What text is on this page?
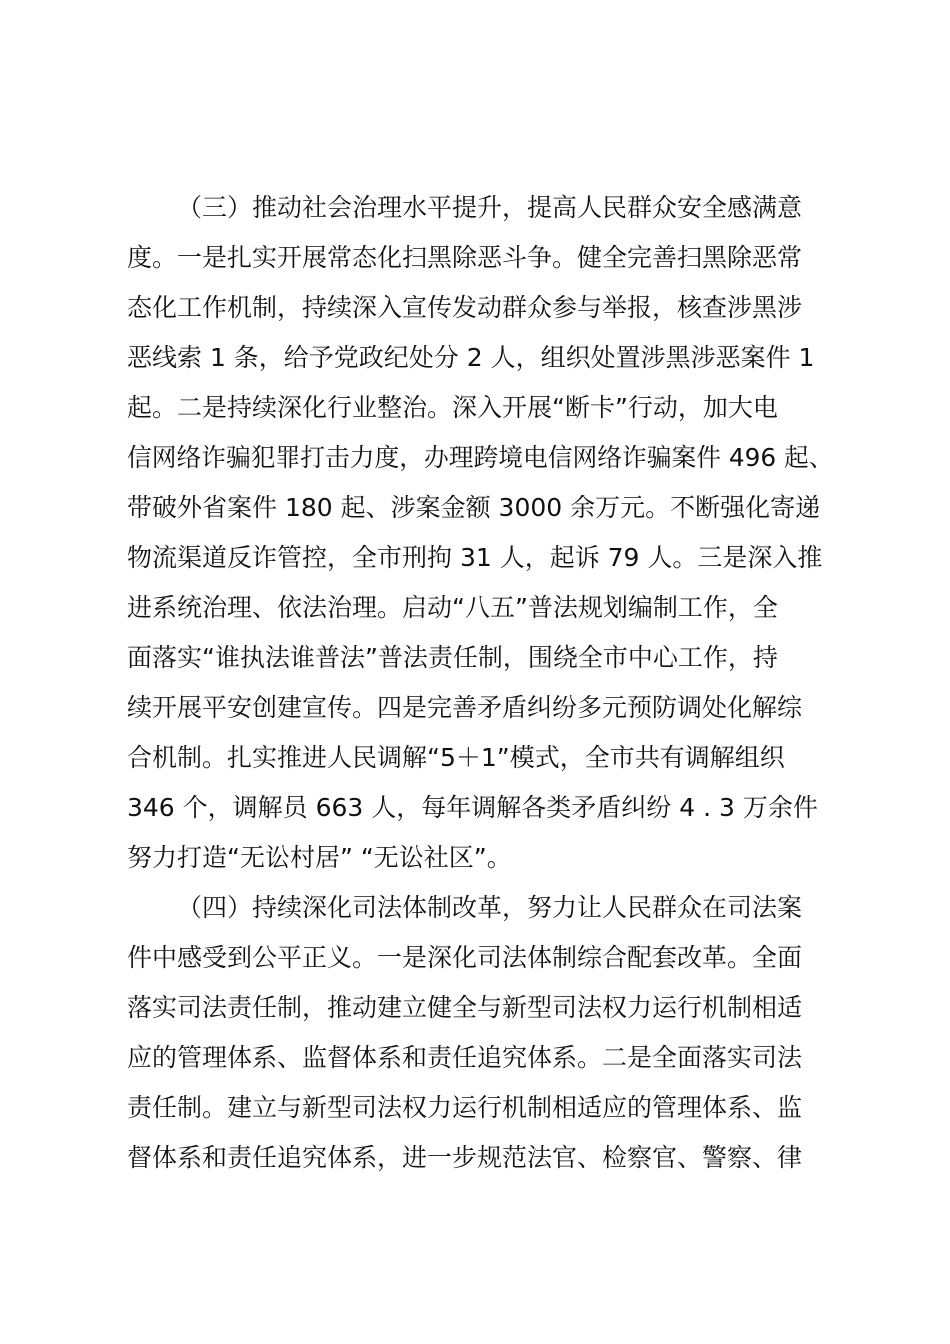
（三）推动社会治理水平提升，提高人民群众安全感满意
度。一是扎实开展常态化扫黑除恶斗争。健全完善扫黑除恶常
态化工作机制，持续深入宣传发动群众参与举报，核查涉黑涉
恶线索 1 条，给予党政纪处分 2 人，组织处置涉黑涉恶案件 1
起。二是持续深化行业整治。深入开展“断卡”行动，加大电
信网络诈骗犯罪打击力度，办理跨境电信网络诈骗案件 496 起、
带破外省案件 180 起、涉案金额 3000 余万元。不断强化寄递
物流渠道反诈管控，全市刑拘 31 人，起诉 79 人。三是深入推
进系统治理、依法治理。启动“八五”普法规划编制工作，全
面落实“谁执法谁普法”普法责任制，围绕全市中心工作，持
续开展平安创建宣传。四是完善矛盾纠纷多元预防调处化解综
合机制。扎实推进人民调解“5＋1”模式，全市共有调解组织
346 个，调解员 663 人，每年调解各类矛盾纠纷 4 . 3 万余件
努力打造“无讼村居” “无讼社区”。
（四）持续深化司法体制改革，努力让人民群众在司法案
件中感受到公平正义。一是深化司法体制综合配套改革。全面
落实司法责任制，推动建立健全与新型司法权力运行机制相适
应的管理体系、监督体系和责任追究体系。二是全面落实司法
责任制。建立与新型司法权力运行机制相适应的管理体系、监
督体系和责任追究体系，进一步规范法官、检察官、警察、律
